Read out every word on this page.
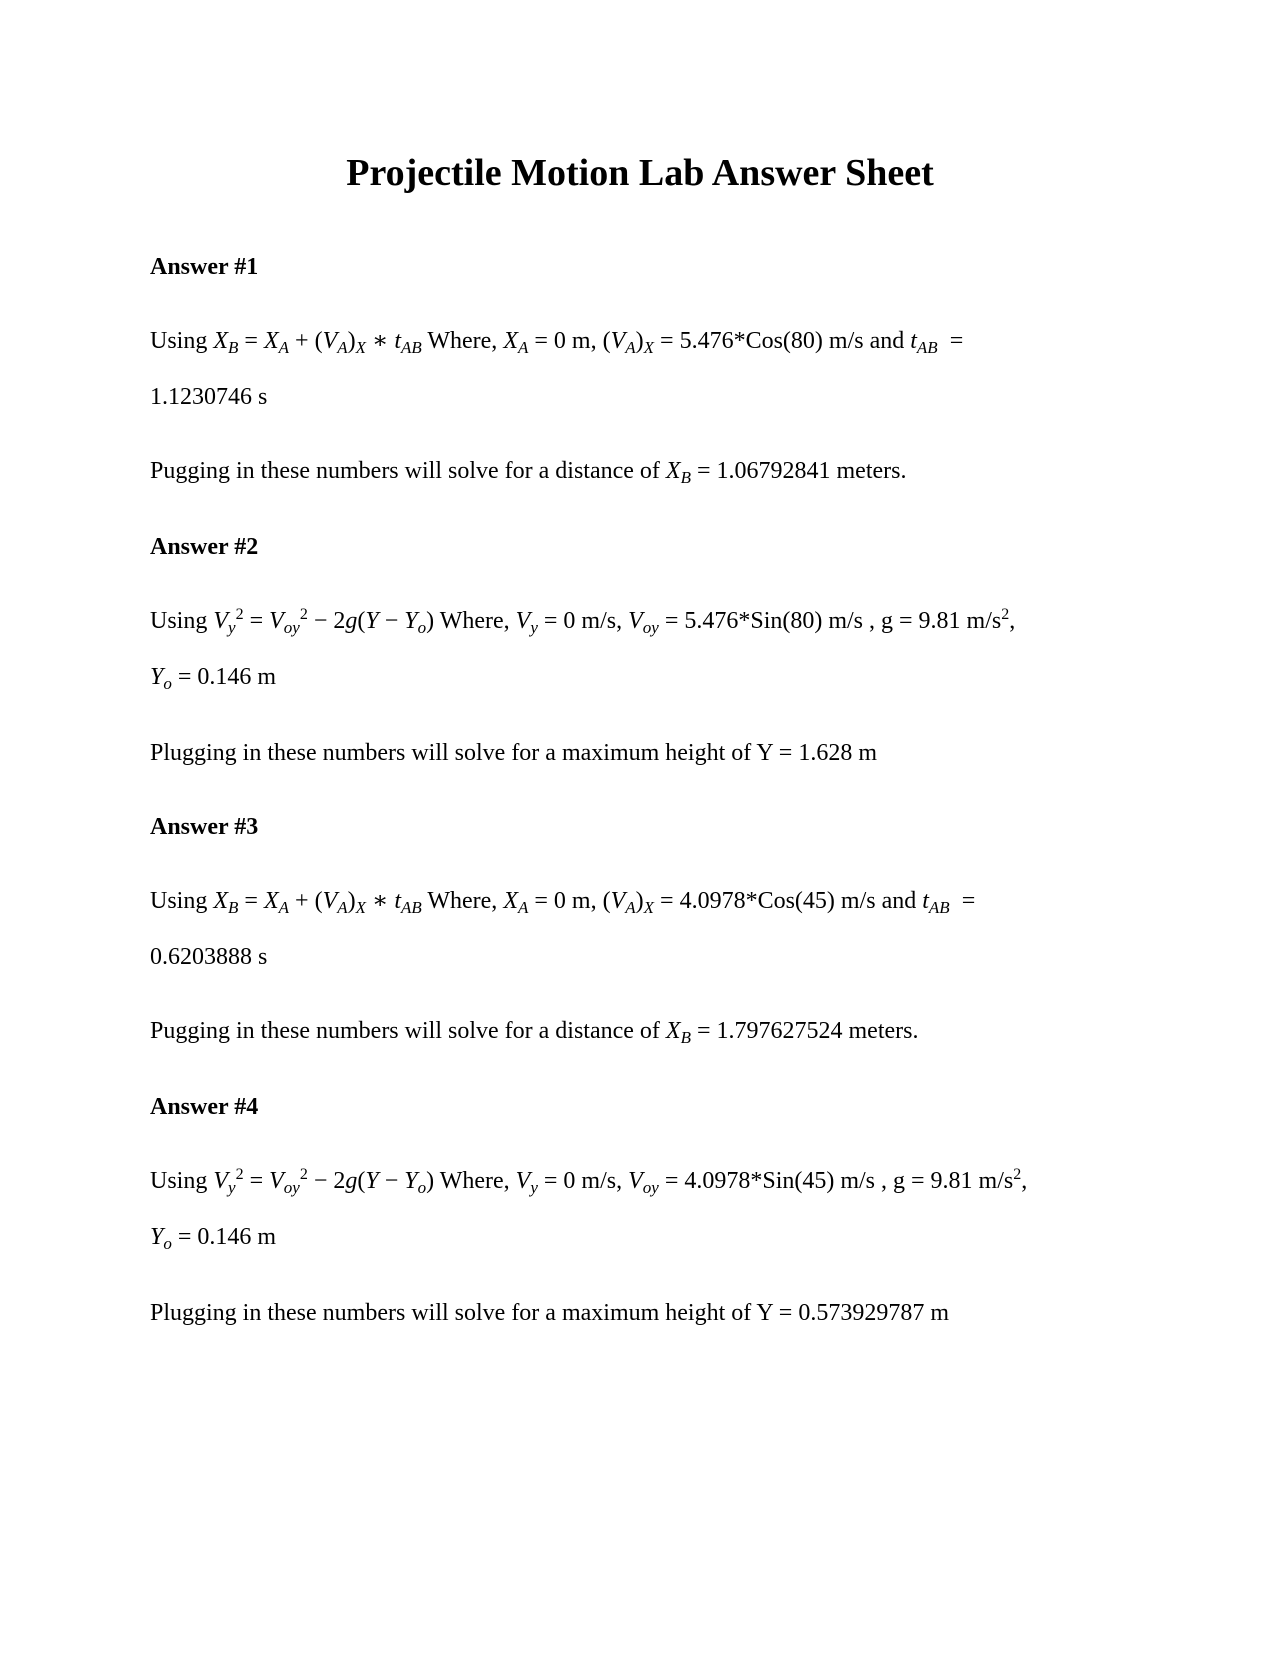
Projectile Motion Lab Answer Sheet
Answer #1
Using $X_B = X_A + (V_A)_X$ ∗ $t_{AB}$ Where, $X_A = 0$ m, $(V_A)_X = 5.476*Cos(80)$ m/s and $t_{AB}$ =
1.1230746 s
Pugging in these numbers will solve for a distance of $X_B = 1.06792841$ meters.
Answer #2
Using $V_y^2 = V_{oy}^2 - 2g(Y - Y_o)$ Where, $V_y = 0$ m/s, $V_{oy} = 5.476*Sin(80)$ m/s , g = 9.81 $m/s^2$,
$Y_o = 0.146$ m
Plugging in these numbers will solve for a maximum height of Y = 1.628 m
Answer #3
Using $X_B = X_A + (V_A)_X$ ∗ $t_{AB}$ Where, $X_A = 0$ m, $(V_A)_X = 4.0978*Cos(45)$ m/s and $t_{AB}$ =
0.6203888 s
Pugging in these numbers will solve for a distance of $X_B = 1.797627524$ meters.
Answer #4
Using $V_y^2 = V_{oy}^2 - 2g(Y - Y_o)$ Where, $V_y = 0$ m/s, $V_{oy} = 4.0978*Sin(45)$ m/s , g = 9.81 $m/s^2$,
$Y_o = 0.146$ m
Plugging in these numbers will solve for a maximum height of Y = 0.573929787 m
